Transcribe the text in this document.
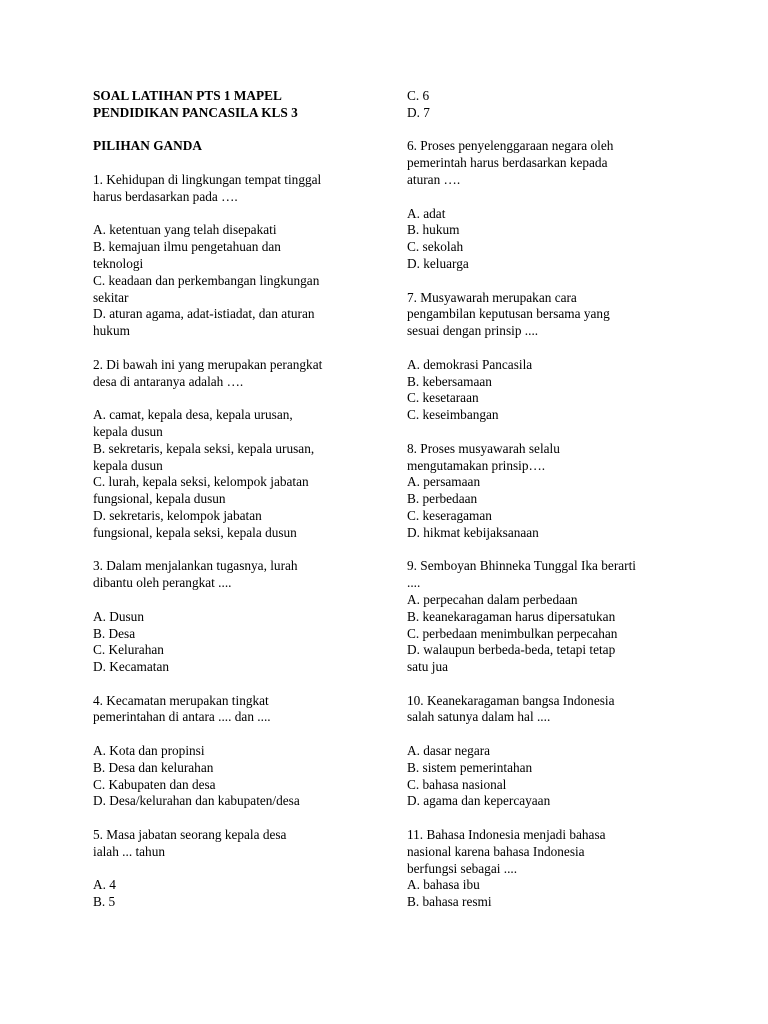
SOAL LATIHAN PTS 1 MAPEL
PENDIDIKAN PANCASILA KLS 3
PILIHAN GANDA
1. Kehidupan di lingkungan tempat tinggal
harus berdasarkan pada ….
A. ketentuan yang telah disepakati
B. kemajuan ilmu pengetahuan dan
teknologi
C. keadaan dan perkembangan lingkungan
sekitar
D. aturan agama, adat-istiadat, dan aturan
hukum
2. Di bawah ini yang merupakan perangkat
desa di antaranya adalah ….
A. camat, kepala desa, kepala urusan,
kepala dusun
B. sekretaris, kepala seksi, kepala urusan,
kepala dusun
C. lurah, kepala seksi, kelompok jabatan
fungsional, kepala dusun
D. sekretaris, kelompok jabatan
fungsional, kepala seksi, kepala dusun
3. Dalam menjalankan tugasnya, lurah
dibantu oleh perangkat ....
A. Dusun
B. Desa
C. Kelurahan
D. Kecamatan
4. Kecamatan merupakan tingkat
pemerintahan di antara .... dan ....
A. Kota dan propinsi
B. Desa dan kelurahan
C. Kabupaten dan desa
D. Desa/kelurahan dan kabupaten/desa
5. Masa jabatan seorang kepala desa
ialah ... tahun
A. 4
B. 5
C. 6
D. 7
6. Proses penyelenggaraan negara oleh
pemerintah harus berdasarkan kepada
aturan ….
A. adat
B. hukum
C. sekolah
D. keluarga
7. Musyawarah merupakan cara
pengambilan keputusan bersama yang
sesuai dengan prinsip ....
A. demokrasi Pancasila
B. kebersamaan
C. kesetaraan
C. keseimbangan
8. Proses musyawarah selalu
mengutamakan prinsip….
A. persamaan
B. perbedaan
C. keseragaman
D. hikmat kebijaksanaan
9. Semboyan Bhinneka Tunggal Ika berarti
....
A. perpecahan dalam perbedaan
B. keanekaragaman harus dipersatukan
C. perbedaan menimbulkan perpecahan
D. walaupun berbeda-beda, tetapi tetap
satu jua
10. Keanekaragaman bangsa Indonesia
salah satunya dalam hal ....
A. dasar negara
B. sistem pemerintahan
C. bahasa nasional
D. agama dan kepercayaan
11. Bahasa Indonesia menjadi bahasa
nasional karena bahasa Indonesia
berfungsi sebagai ....
A. bahasa ibu
B. bahasa resmi
